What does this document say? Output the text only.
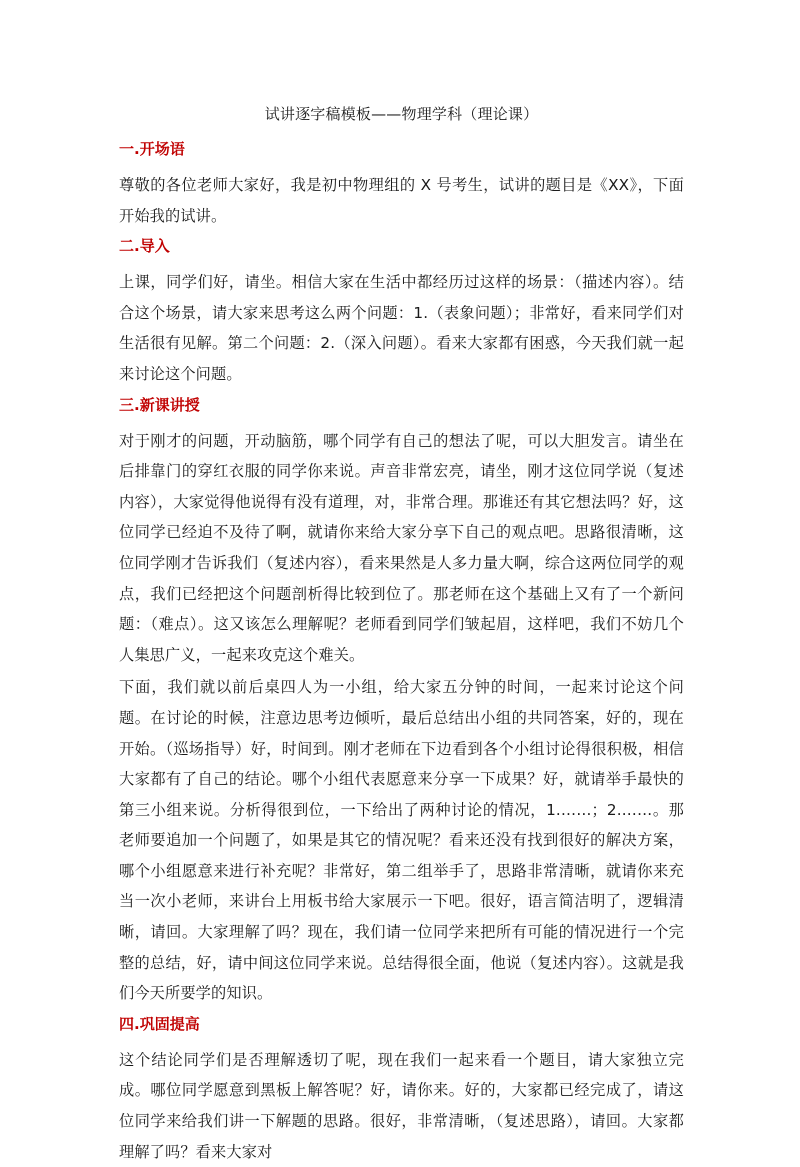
试讲逐字稿模板——物理学科（理论课）
一.开场语

尊敬的各位老师大家好，我是初中物理组的 X 号考生，试讲的题目是《XX》，下面开始我的试讲。

二.导入

上课，同学们好，请坐。相信大家在生活中都经历过这样的场景：（描述内容）。结合这个场景，请大家来思考这么两个问题：1.（表象问题）；非常好，看来同学们对生活很有见解。第二个问题：2.（深入问题）。看来大家都有困惑，今天我们就一起来讨论这个问题。

三.新课讲授

对于刚才的问题，开动脑筋，哪个同学有自己的想法了呢，可以大胆发言。请坐在后排靠门的穿红衣服的同学你来说。声音非常宏亮，请坐，刚才这位同学说（复述内容），大家觉得他说得有没有道理，对，非常合理。那谁还有其它想法吗？好，这位同学已经迫不及待了啊，就请你来给大家分享下自己的观点吧。思路很清晰，这位同学刚才告诉我们（复述内容），看来果然是人多力量大啊，综合这两位同学的观点，我们已经把这个问题剖析得比较到位了。那老师在这个基础上又有了一个新问题：（难点）。这又该怎么理解呢？老师看到同学们皱起眉，这样吧，我们不妨几个人集思广义，一起来攻克这个难关。

下面，我们就以前后桌四人为一小组，给大家五分钟的时间，一起来讨论这个问题。在讨论的时候，注意边思考边倾听，最后总结出小组的共同答案，好的，现在开始。（巡场指导）好，时间到。刚才老师在下边看到各个小组讨论得很积极，相信大家都有了自己的结论。哪个小组代表愿意来分享一下成果？好，就请举手最快的第三小组来说。分析得很到位，一下给出了两种讨论的情况，1.……；2.……。那老师要追加一个问题了，如果是其它的情况呢？看来还没有找到很好的解决方案，哪个小组愿意来进行补充呢？非常好，第二组举手了，思路非常清晰，就请你来充当一次小老师，来讲台上用板书给大家展示一下吧。很好，语言简洁明了，逻辑清晰，请回。大家理解了吗？现在，我们请一位同学来把所有可能的情况进行一个完整的总结，好，请中间这位同学来说。总结得很全面，他说（复述内容）。这就是我们今天所要学的知识。

四.巩固提高

这个结论同学们是否理解透切了呢，现在我们一起来看一个题目，请大家独立完成。哪位同学愿意到黑板上解答呢？好，请你来。好的，大家都已经完成了，请这位同学来给我们讲一下解题的思路。很好，非常清晰，（复述思路），请回。大家都理解了吗？看来大家对
